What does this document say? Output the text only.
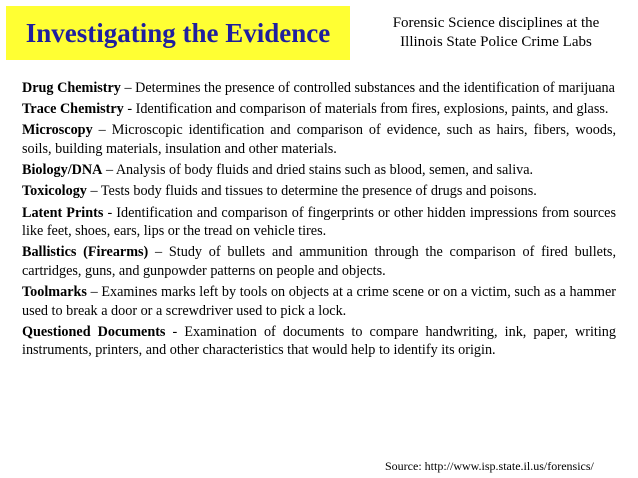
Investigating the Evidence	Forensic Science disciplines at the
Illinois State Police Crime Labs

Drug Chemistry – Determines the presence of controlled substances and the identification of marijuana

Trace Chemistry - Identification and comparison of materials from fires, explosions, paints, and glass.

Microscopy – Microscopic identification and comparison of evidence, such as hairs, fibers, woods, soils, building materials, insulation and other materials.

Biology/DNA – Analysis of body fluids and dried stains such as blood, semen, and saliva.

Toxicology – Tests body fluids and tissues to determine the presence of drugs and poisons.

Latent Prints - Identification and comparison of fingerprints or other hidden impressions from sources like feet, shoes, ears, lips or the tread on vehicle tires.

Ballistics (Firearms) – Study of bullets and ammunition through the comparison of fired bullets, cartridges, guns, and gunpowder patterns on people and objects.

Toolmarks – Examines marks left by tools on objects at a crime scene or on a victim, such as a hammer used to break a door or a screwdriver used to pick a lock.

Questioned Documents - Examination of documents to compare handwriting, ink, paper, writing instruments, printers, and other characteristics that would help to identify its origin.

Source: http://www.isp.state.il.us/forensics/
